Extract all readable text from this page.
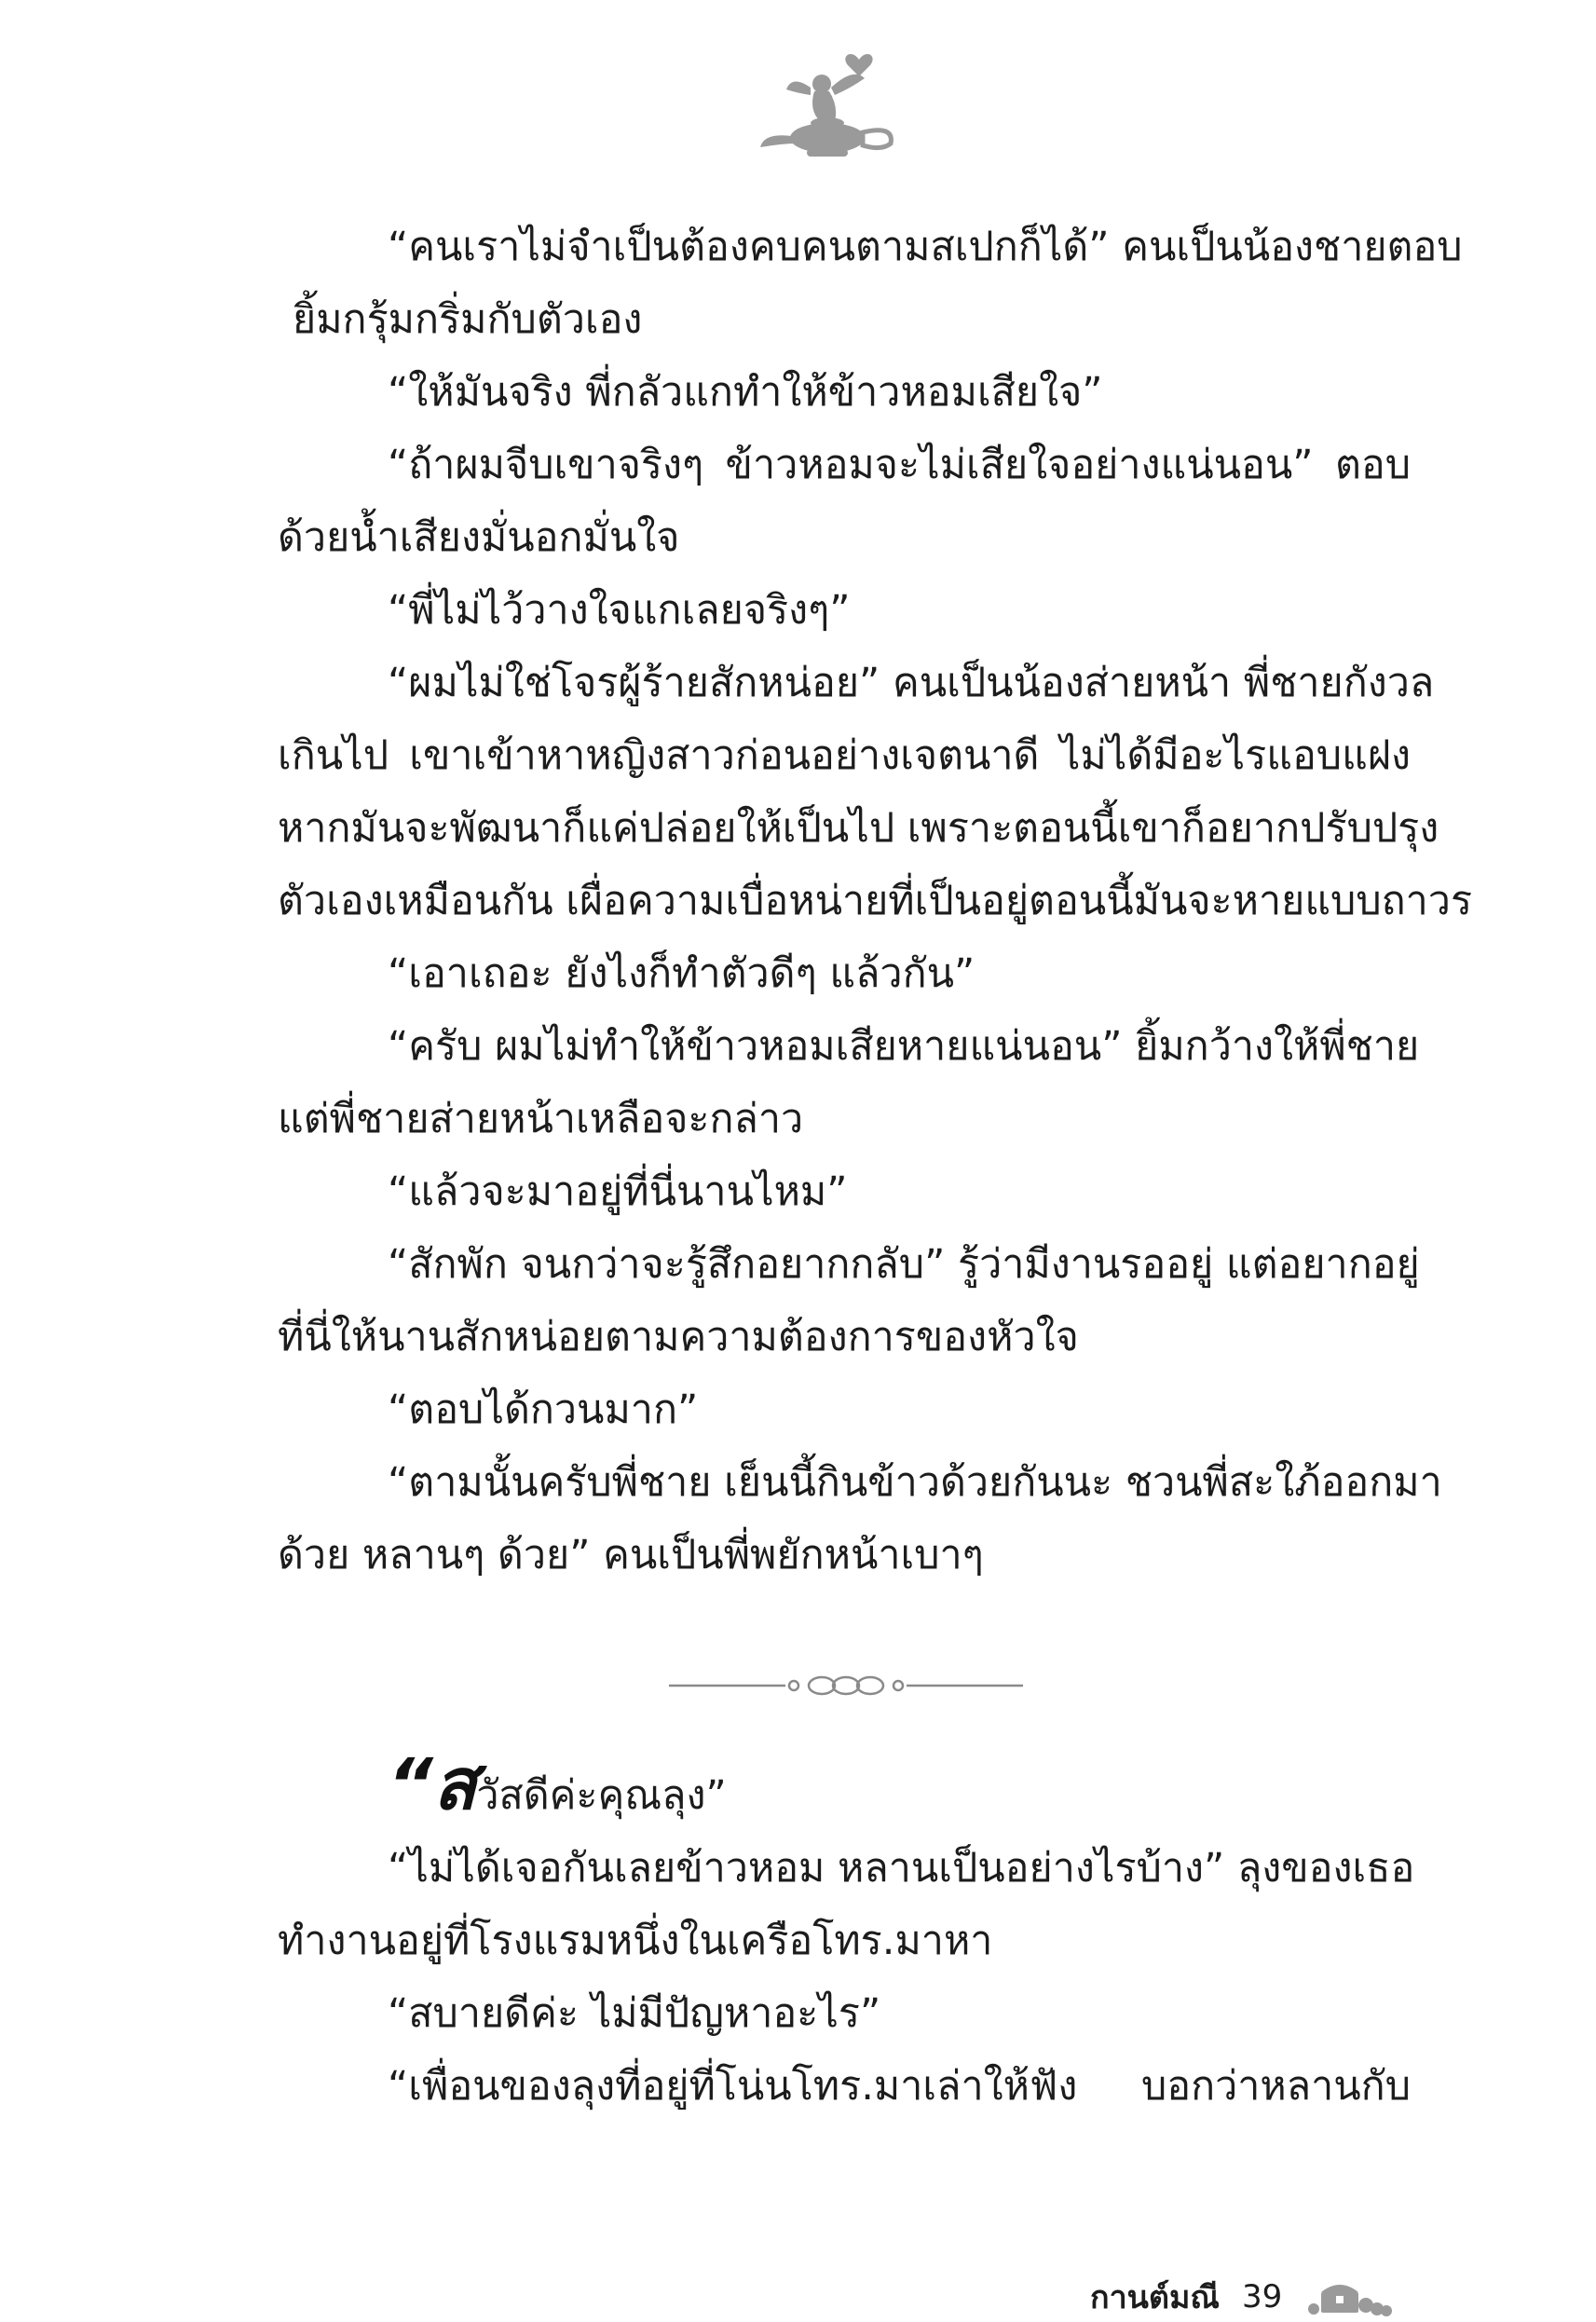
“คนเราไม่จำเป็นต้องคบคนตามสเปกก็ได้” คนเป็นน้องชายตอบ

ยิ้มกรุ้มกริ่มกับตัวเอง

“ให้มันจริง พี่กลัวแกทำให้ข้าวหอมเสียใจ”

“ถ้าผมจีบเขาจริงๆ ข้าวหอมจะไม่เสียใจอย่างแน่นอน” ตอบ

ด้วยน้ำเสียงมั่นอกมั่นใจ

“พี่ไม่ไว้วางใจแกเลยจริงๆ”

“ผมไม่ใช่โจรผู้ร้ายสักหน่อย” คนเป็นน้องส่ายหน้า พี่ชายกังวล

เกินไป เขาเข้าหาหญิงสาวก่อนอย่างเจตนาดี ไม่ได้มีอะไรแอบแฝง

หากมันจะพัฒนาก็แค่ปล่อยให้เป็นไป เพราะตอนนี้เขาก็อยากปรับปรุง

ตัวเองเหมือนกัน เผื่อความเบื่อหน่ายที่เป็นอยู่ตอนนี้มันจะหายแบบถาวร

“เอาเถอะ ยังไงก็ทำตัวดีๆ แล้วกัน”

“ครับ ผมไม่ทำให้ข้าวหอมเสียหายแน่นอน” ยิ้มกว้างให้พี่ชาย

แต่พี่ชายส่ายหน้าเหลือจะกล่าว

“แล้วจะมาอยู่ที่นี่นานไหม”

“สักพัก จนกว่าจะรู้สึกอยากกลับ” รู้ว่ามีงานรออยู่ แต่อยากอยู่

ที่นี่ให้นานสักหน่อยตามความต้องการของหัวใจ

“ตอบได้กวนมาก”

“ตามนั้นครับพี่ชาย เย็นนี้กินข้าวด้วยกันนะ ชวนพี่สะใภ้ออกมา

ด้วย หลานๆ ด้วย” คนเป็นพี่พยักหน้าเบาๆ

“ส วัสดีค่ะคุณลุง”

“ไม่ได้เจอกันเลยข้าวหอม หลานเป็นอย่างไรบ้าง” ลุงของเธอ

ทำงานอยู่ที่โรงแรมหนึ่งในเครือโทร.มาหา

“สบายดีค่ะ ไม่มีปัญหาอะไร”

“เพื่อนของลุงที่อยู่ที่โน่นโทร.มาเล่าให้ฟัง บอกว่าหลานกับ

กานต์มณี 39
